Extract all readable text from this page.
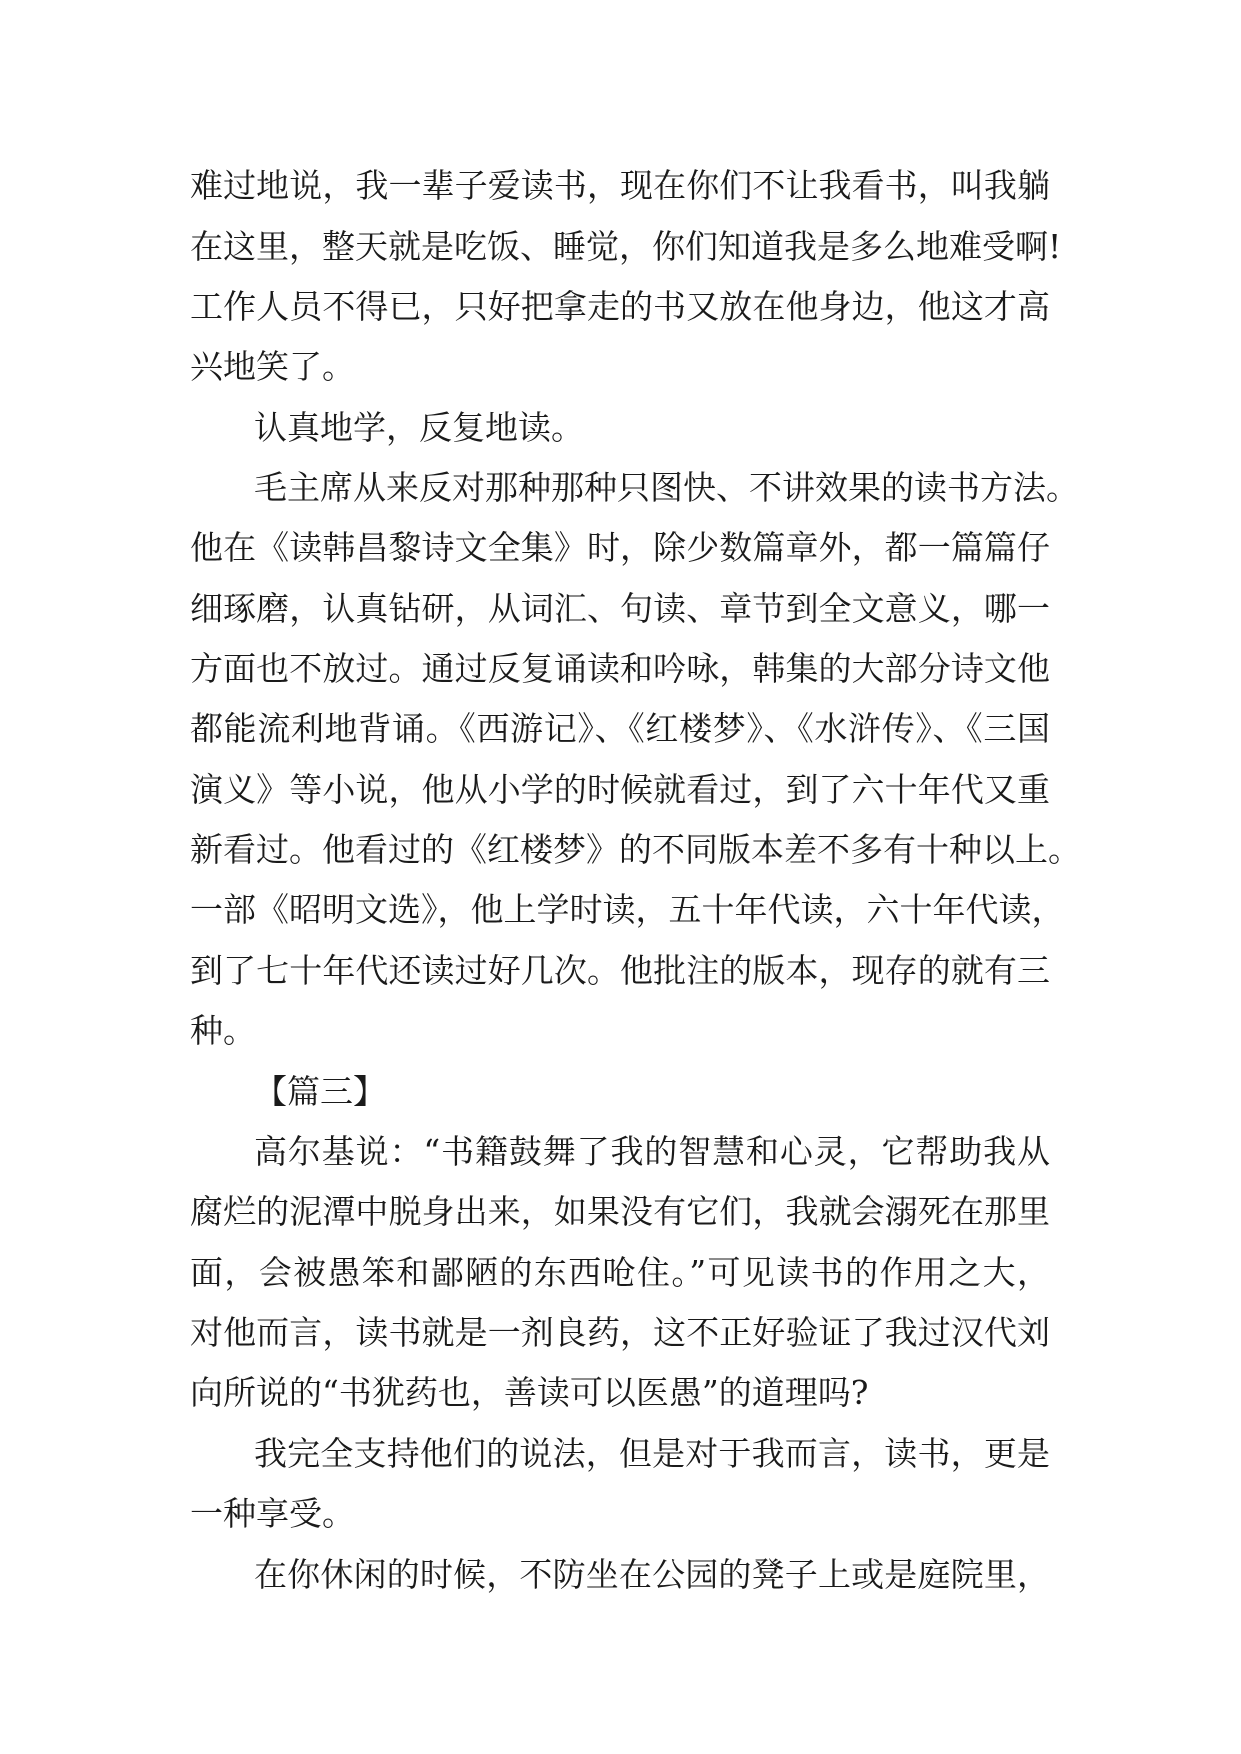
难过地说，我一辈子爱读书，现在你们不让我看书，叫我躺
在这里，整天就是吃饭、睡觉，你们知道我是多么地难受啊!
工作人员不得已，只好把拿走的书又放在他身边，他这才高
兴地笑了。
认真地学，反复地读。
毛主席从来反对那种那种只图快、不讲效果的读书方法。
他在《读韩昌黎诗文全集》时，除少数篇章外，都一篇篇仔
细琢磨，认真钻研，从词汇、句读、章节到全文意义，哪一
方面也不放过。通过反复诵读和吟咏，韩集的大部分诗文他
都能流利地背诵。《西游记》、《红楼梦》、《水浒传》、《三国
演义》等小说，他从小学的时候就看过，到了六十年代又重
新看过。他看过的《红楼梦》的不同版本差不多有十种以上。
一部《昭明文选》，他上学时读，五十年代读，六十年代读，
到了七十年代还读过好几次。他批注的版本，现存的就有三
种。
【篇三】
高尔基说：“书籍鼓舞了我的智慧和心灵，它帮助我从
腐烂的泥潭中脱身出来，如果没有它们，我就会溺死在那里
面，会被愚笨和鄙陋的东西呛住。”可见读书的作用之大，
对他而言，读书就是一剂良药，这不正好验证了我过汉代刘
向所说的“书犹药也，善读可以医愚”的道理吗?
我完全支持他们的说法，但是对于我而言，读书，更是
一种享受。
在你休闲的时候，不防坐在公园的凳子上或是庭院里，
